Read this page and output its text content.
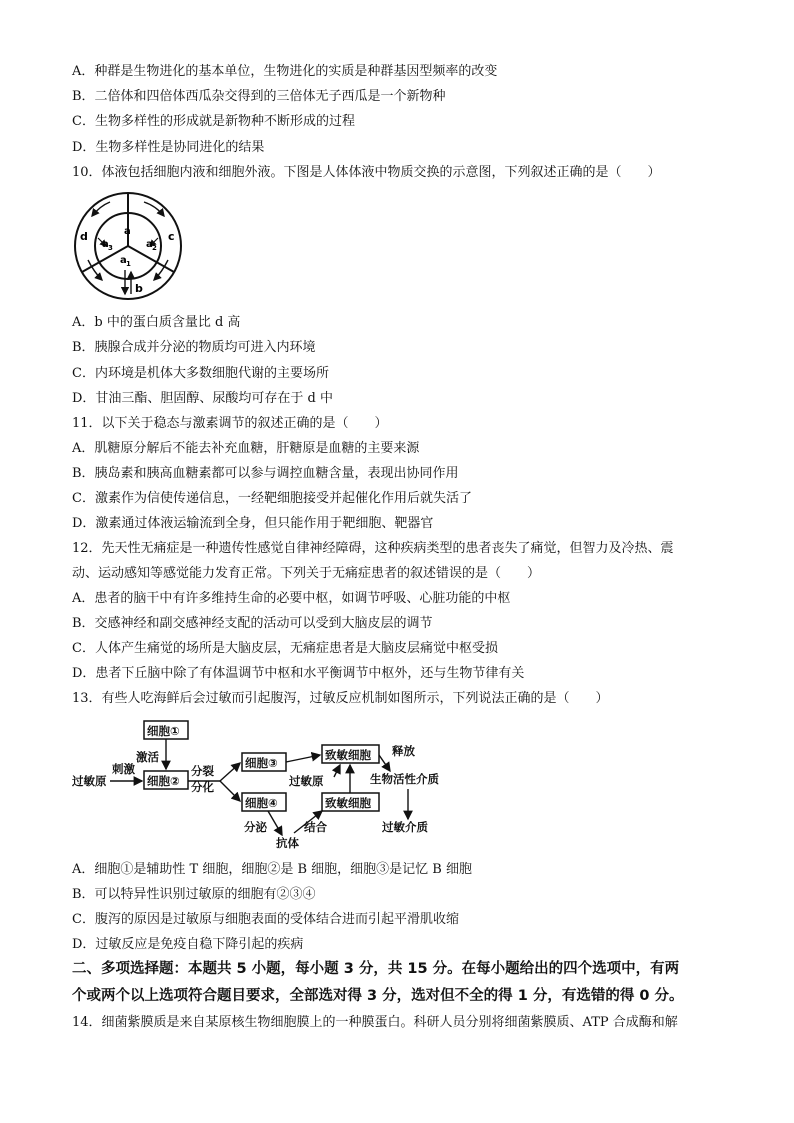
A．种群是生物进化的基本单位，生物进化的实质是种群基因型频率的改变
B．二倍体和四倍体西瓜杂交得到的三倍体无子西瓜是一个新物种
C．生物多样性的形成就是新物种不断形成的过程
D．生物多样性是协同进化的结果
10．体液包括细胞内液和细胞外液。下图是人体体液中物质交换的示意图，下列叙述正确的是（　　）
a
a 2
a 3
a 1
b
c
d
A．b 中的蛋白质含量比 d 高
B．胰腺合成并分泌的物质均可进入内环境
C．内环境是机体大多数细胞代谢的主要场所
D．甘油三酯、胆固醇、尿酸均可存在于 d 中
11．以下关于稳态与激素调节的叙述正确的是（　　）
A．肌糖原分解后不能去补充血糖，肝糖原是血糖的主要来源
B．胰岛素和胰高血糖素都可以参与调控血糖含量，表现出协同作用
C．激素作为信使传递信息，一经靶细胞接受并起催化作用后就失活了
D．激素通过体液运输流到全身，但只能作用于靶细胞、靶器官
12．先天性无痛症是一种遗传性感觉自律神经障碍，这种疾病类型的患者丧失了痛觉，但智力及冷热、震
动、运动感知等感觉能力发育正常。下列关于无痛症患者的叙述错误的是（　　）
A．患者的脑干中有许多维持生命的必要中枢，如调节呼吸、心脏功能的中枢
B．交感神经和副交感神经支配的活动可以受到大脑皮层的调节
C．人体产生痛觉的场所是大脑皮层，无痛症患者是大脑皮层痛觉中枢受损
D．患者下丘脑中除了有体温调节中枢和水平衡调节中枢外，还与生物节律有关
13．有些人吃海鲜后会过敏而引起腹泻，过敏反应机制如图所示，下列说法正确的是（　　）
细胞①
细胞②
细胞③
细胞④
致敏细胞
致敏细胞
激活
刺激
过敏原
分裂
分化	过敏原
释放
生物活性介质
过敏介质
分泌	结合
抗体
A．细胞①是辅助性 T 细胞，细胞②是 B 细胞，细胞③是记忆 B 细胞
B．可以特异性识别过敏原的细胞有②③④
C．腹泻的原因是过敏原与细胞表面的受体结合进而引起平滑肌收缩
D．过敏反应是免疫自稳下降引起的疾病
二、多项选择题：本题共 5 小题，每小题 3 分，共 15 分。在每小题给出的四个选项中，有两
个或两个以上选项符合题目要求，全部选对得 3 分，选对但不全的得 1 分，有选错的得 0 分。
14．细菌紫膜质是来自某原核生物细胞膜上的一种膜蛋白。科研人员分别将细菌紫膜质、ATP 合成酶和解
